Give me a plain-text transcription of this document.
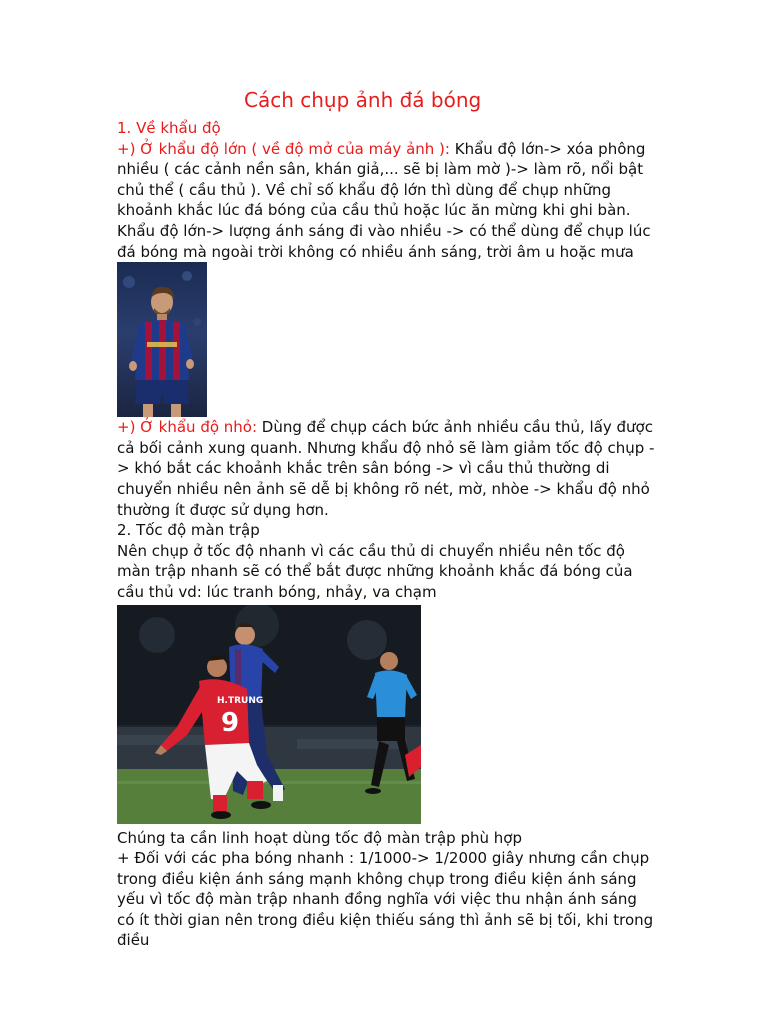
Cách chụp ảnh đá bóng

1. Về khẩu độ

+) Ở khẩu độ lớn ( về độ mở của máy ảnh ): Khẩu độ lớn-> xóa phông nhiều ( các cảnh nền sân, khán giả,... sẽ bị làm mờ )-> làm rõ, nổi bật chủ thể ( cầu thủ ). Về chỉ số khẩu độ lớn thì dùng để chụp những khoảnh khắc lúc đá bóng của cầu thủ hoặc lúc ăn mừng khi ghi bàn.

Khẩu độ lớn-> lượng ánh sáng đi vào nhiều -> có thể dùng để chụp lúc đá bóng mà ngoài trời không có nhiều ánh sáng, trời âm u hoặc mưa

+) Ở khẩu độ nhỏ: Dùng để chụp cách bức ảnh nhiều cầu thủ, lấy được cả bối cảnh xung quanh. Nhưng khẩu độ nhỏ sẽ làm giảm tốc độ chụp -> khó bắt các khoảnh khắc trên sân bóng -> vì cầu thủ thường di chuyển nhiều nên ảnh sẽ dễ bị không rõ nét, mờ, nhòe -> khẩu độ nhỏ thường ít được sử dụng hơn.

2. Tốc độ màn trập

Nên chụp ở tốc độ nhanh vì các cầu thủ di chuyển nhiều nên tốc độ màn trập nhanh sẽ có thể bắt được những khoảnh khắc đá bóng của cầu thủ vd: lúc tranh bóng, nhảy, va chạm

H.TRUNG
9

Chúng ta cần linh hoạt dùng tốc độ màn trập phù hợp

+ Đối với các pha bóng nhanh : 1/1000-> 1/2000 giây nhưng cần chụp trong điều kiện ánh sáng mạnh không chụp trong điều kiện ánh sáng yếu vì tốc độ màn trập nhanh đồng nghĩa với việc thu nhận ánh sáng có ít thời gian nên trong điều kiện thiếu sáng thì ảnh sẽ bị tối, khi trong điều
